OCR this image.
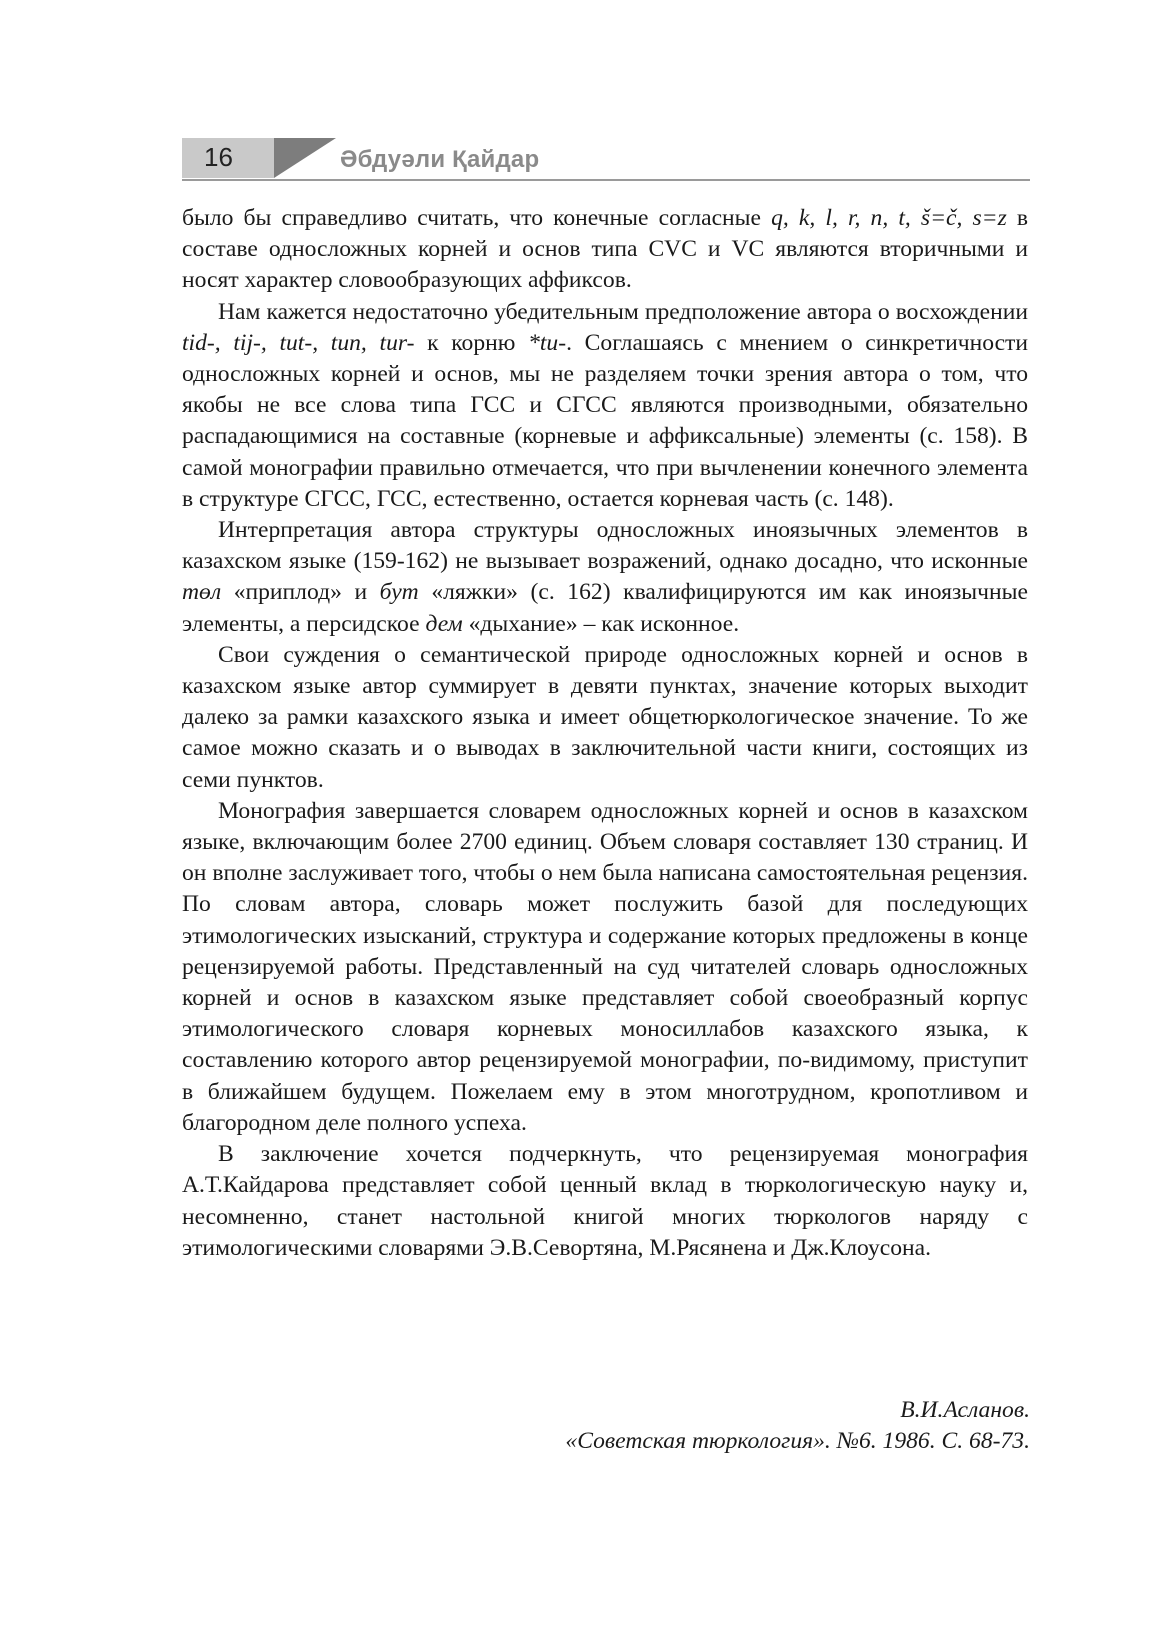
16	Әбдуәли Қайдар

было бы справедливо считать, что конечные согласные q, k, l, r, n, t, š=č, s=z в составе односложных корней и основ типа CVC и VC являются вторичными и носят характер словообразующих аффиксов.

Нам кажется недостаточно убедительным предположение автора о восхождении tid-, tij-, tut-, tun, tur- к корню *tu-. Соглашаясь с мнением о синкретичности односложных корней и основ, мы не разделяем точки зрения автора о том, что якобы не все слова типа ГСС и СГСС являются производными, обязательно распадающимися на составные (корневые и аффиксальные) элементы (с. 158). В самой монографии правильно отмечается, что при вычленении конечного элемента в структуре СГСС, ГСС, естественно, остается корневая часть (с. 148).

Интерпретация автора структуры односложных иноязычных элементов в казахском языке (159-162) не вызывает возражений, однако досадно, что исконные төл «приплод» и бут «ляжки» (с. 162) квалифицируются им как иноязычные элементы, а персидское дем «дыхание» – как исконное.

Свои суждения о семантической природе односложных корней и основ в казахском языке автор суммирует в девяти пунктах, значение которых выходит далеко за рамки казахского языка и имеет общетюркологическое значение. То же самое можно сказать и о выводах в заключительной части книги, состоящих из семи пунктов.

Монография завершается словарем односложных корней и основ в казахском языке, включающим более 2700 единиц. Объем словаря составляет 130 страниц. И он вполне заслуживает того, чтобы о нем была написана самостоятельная рецензия. По словам автора, словарь может послужить базой для последующих этимологических изысканий, структура и содержание которых предложены в конце рецензируемой работы. Представленный на суд читателей словарь односложных корней и основ в казахском языке представляет собой своеобразный корпус этимологического словаря корневых моносиллабов казахского языка, к составлению которого автор рецензируемой монографии, по-видимому, приступит в ближайшем будущем. Пожелаем ему в этом многотрудном, кропотливом и благородном деле полного успеха.

В заключение хочется подчеркнуть, что рецензируемая монография А.Т.Кайдарова представляет собой ценный вклад в тюркологическую науку и, несомненно, станет настольной книгой многих тюркологов наряду с этимологическими словарями Э.В.Севортяна, М.Рясянена и Дж.Клоусона.

В.И.Асланов.
«Советская тюркология». №6. 1986. С. 68-73.
